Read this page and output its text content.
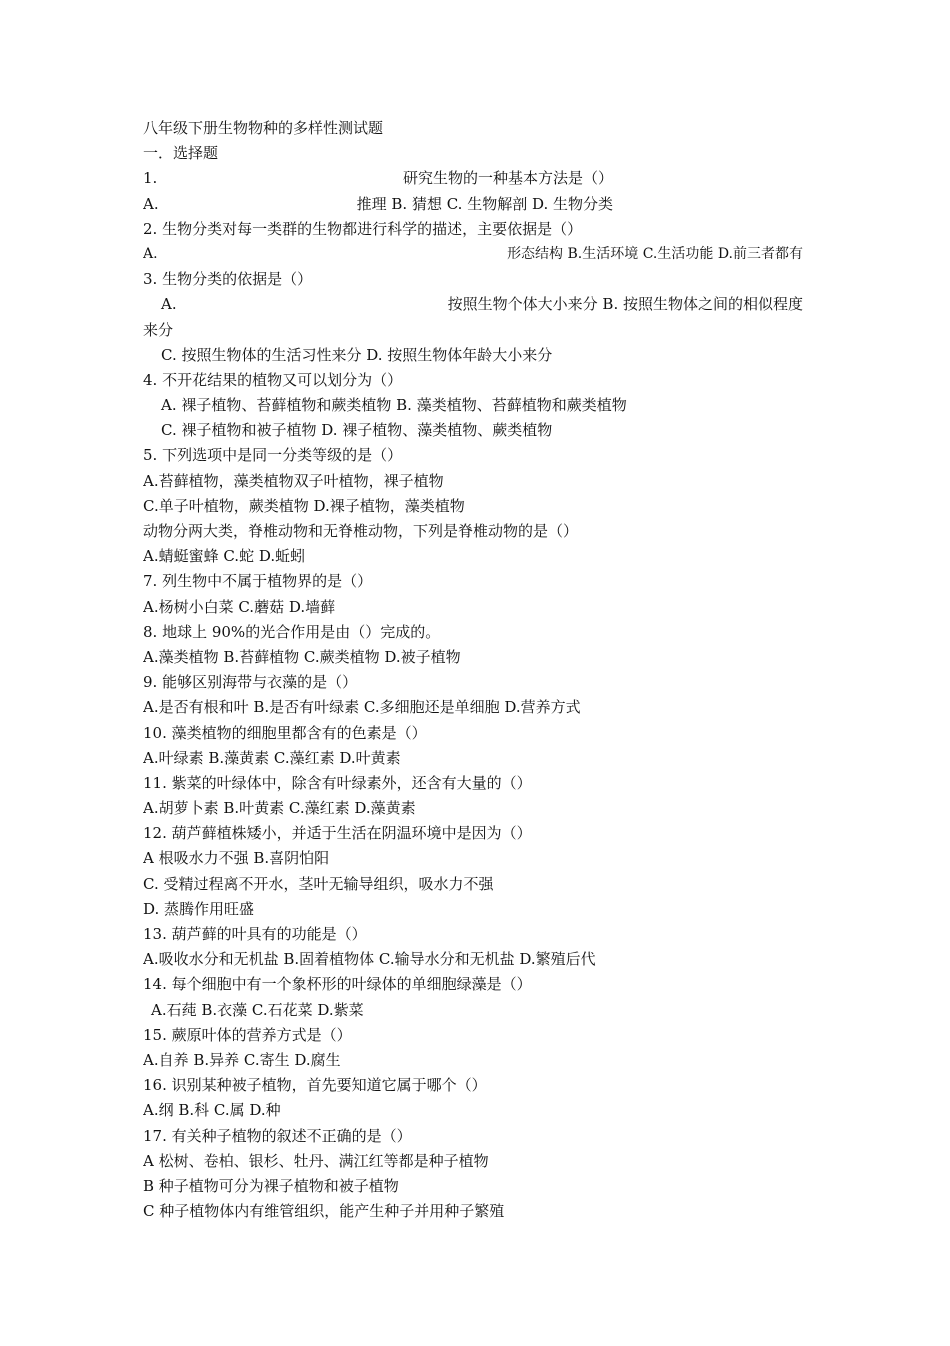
八年级下册生物物种的多样性测试题
一．选择题
1.	研究生物的一种基本方法是（）
A.	推理 B. 猜想 C. 生物解剖 D. 生物分类
2. 生物分类对每一类群的生物都进行科学的描述，主要依据是（）
A.	形态结构 B.生活环境 C.生活功能 D.前三者都有
3. 生物分类的依据是（）
A.	按照生物个体大小来分 B. 按照生物体之间的相似程度
来分
C. 按照生物体的生活习性来分 D. 按照生物体年龄大小来分
4. 不开花结果的植物又可以划分为（）
A. 裸子植物、苔藓植物和蕨类植物 B. 藻类植物、苔藓植物和蕨类植物
C. 裸子植物和被子植物 D. 裸子植物、藻类植物、蕨类植物
5. 下列选项中是同一分类等级的是（）
A.苔藓植物，藻类植物双子叶植物，裸子植物
C.单子叶植物，蕨类植物 D.裸子植物，藻类植物
动物分两大类，脊椎动物和无脊椎动物，下列是脊椎动物的是（）
A.蜻蜓蜜蜂 C.蛇 D.蚯蚓
7. 列生物中不属于植物界的是（）
A.杨树小白菜 C.蘑菇 D.墙藓
8. 地球上 90%的光合作用是由（）完成的。
A.藻类植物 B.苔藓植物 C.蕨类植物 D.被子植物
9. 能够区别海带与衣藻的是（）
A.是否有根和叶 B.是否有叶绿素 C.多细胞还是单细胞 D.营养方式
10. 藻类植物的细胞里都含有的色素是（）
A.叶绿素 B.藻黄素 C.藻红素 D.叶黄素
11. 紫菜的叶绿体中，除含有叶绿素外，还含有大量的（）
A.胡萝卜素 B.叶黄素 C.藻红素 D.藻黄素
12. 葫芦藓植株矮小，并适于生活在阴温环境中是因为（）
A 根吸水力不强 B.喜阴怕阳
C. 受精过程离不开水，茎叶无输导组织，吸水力不强
D. 蒸腾作用旺盛
13. 葫芦藓的叶具有的功能是（）
A.吸收水分和无机盐 B.固着植物体 C.输导水分和无机盐 D.繁殖后代
14. 每个细胞中有一个象杯形的叶绿体的单细胞绿藻是（）
A.石莼 B.衣藻 C.石花菜 D.紫菜
15. 蕨原叶体的营养方式是（）
A.自养 B.异养 C.寄生 D.腐生
16. 识别某种被子植物，首先要知道它属于哪个（）
A.纲 B.科 C.属 D.种
17. 有关种子植物的叙述不正确的是（）
A 松树、卷柏、银杉、牡丹、满江红等都是种子植物
B 种子植物可分为裸子植物和被子植物
C 种子植物体内有维管组织，能产生种子并用种子繁殖
